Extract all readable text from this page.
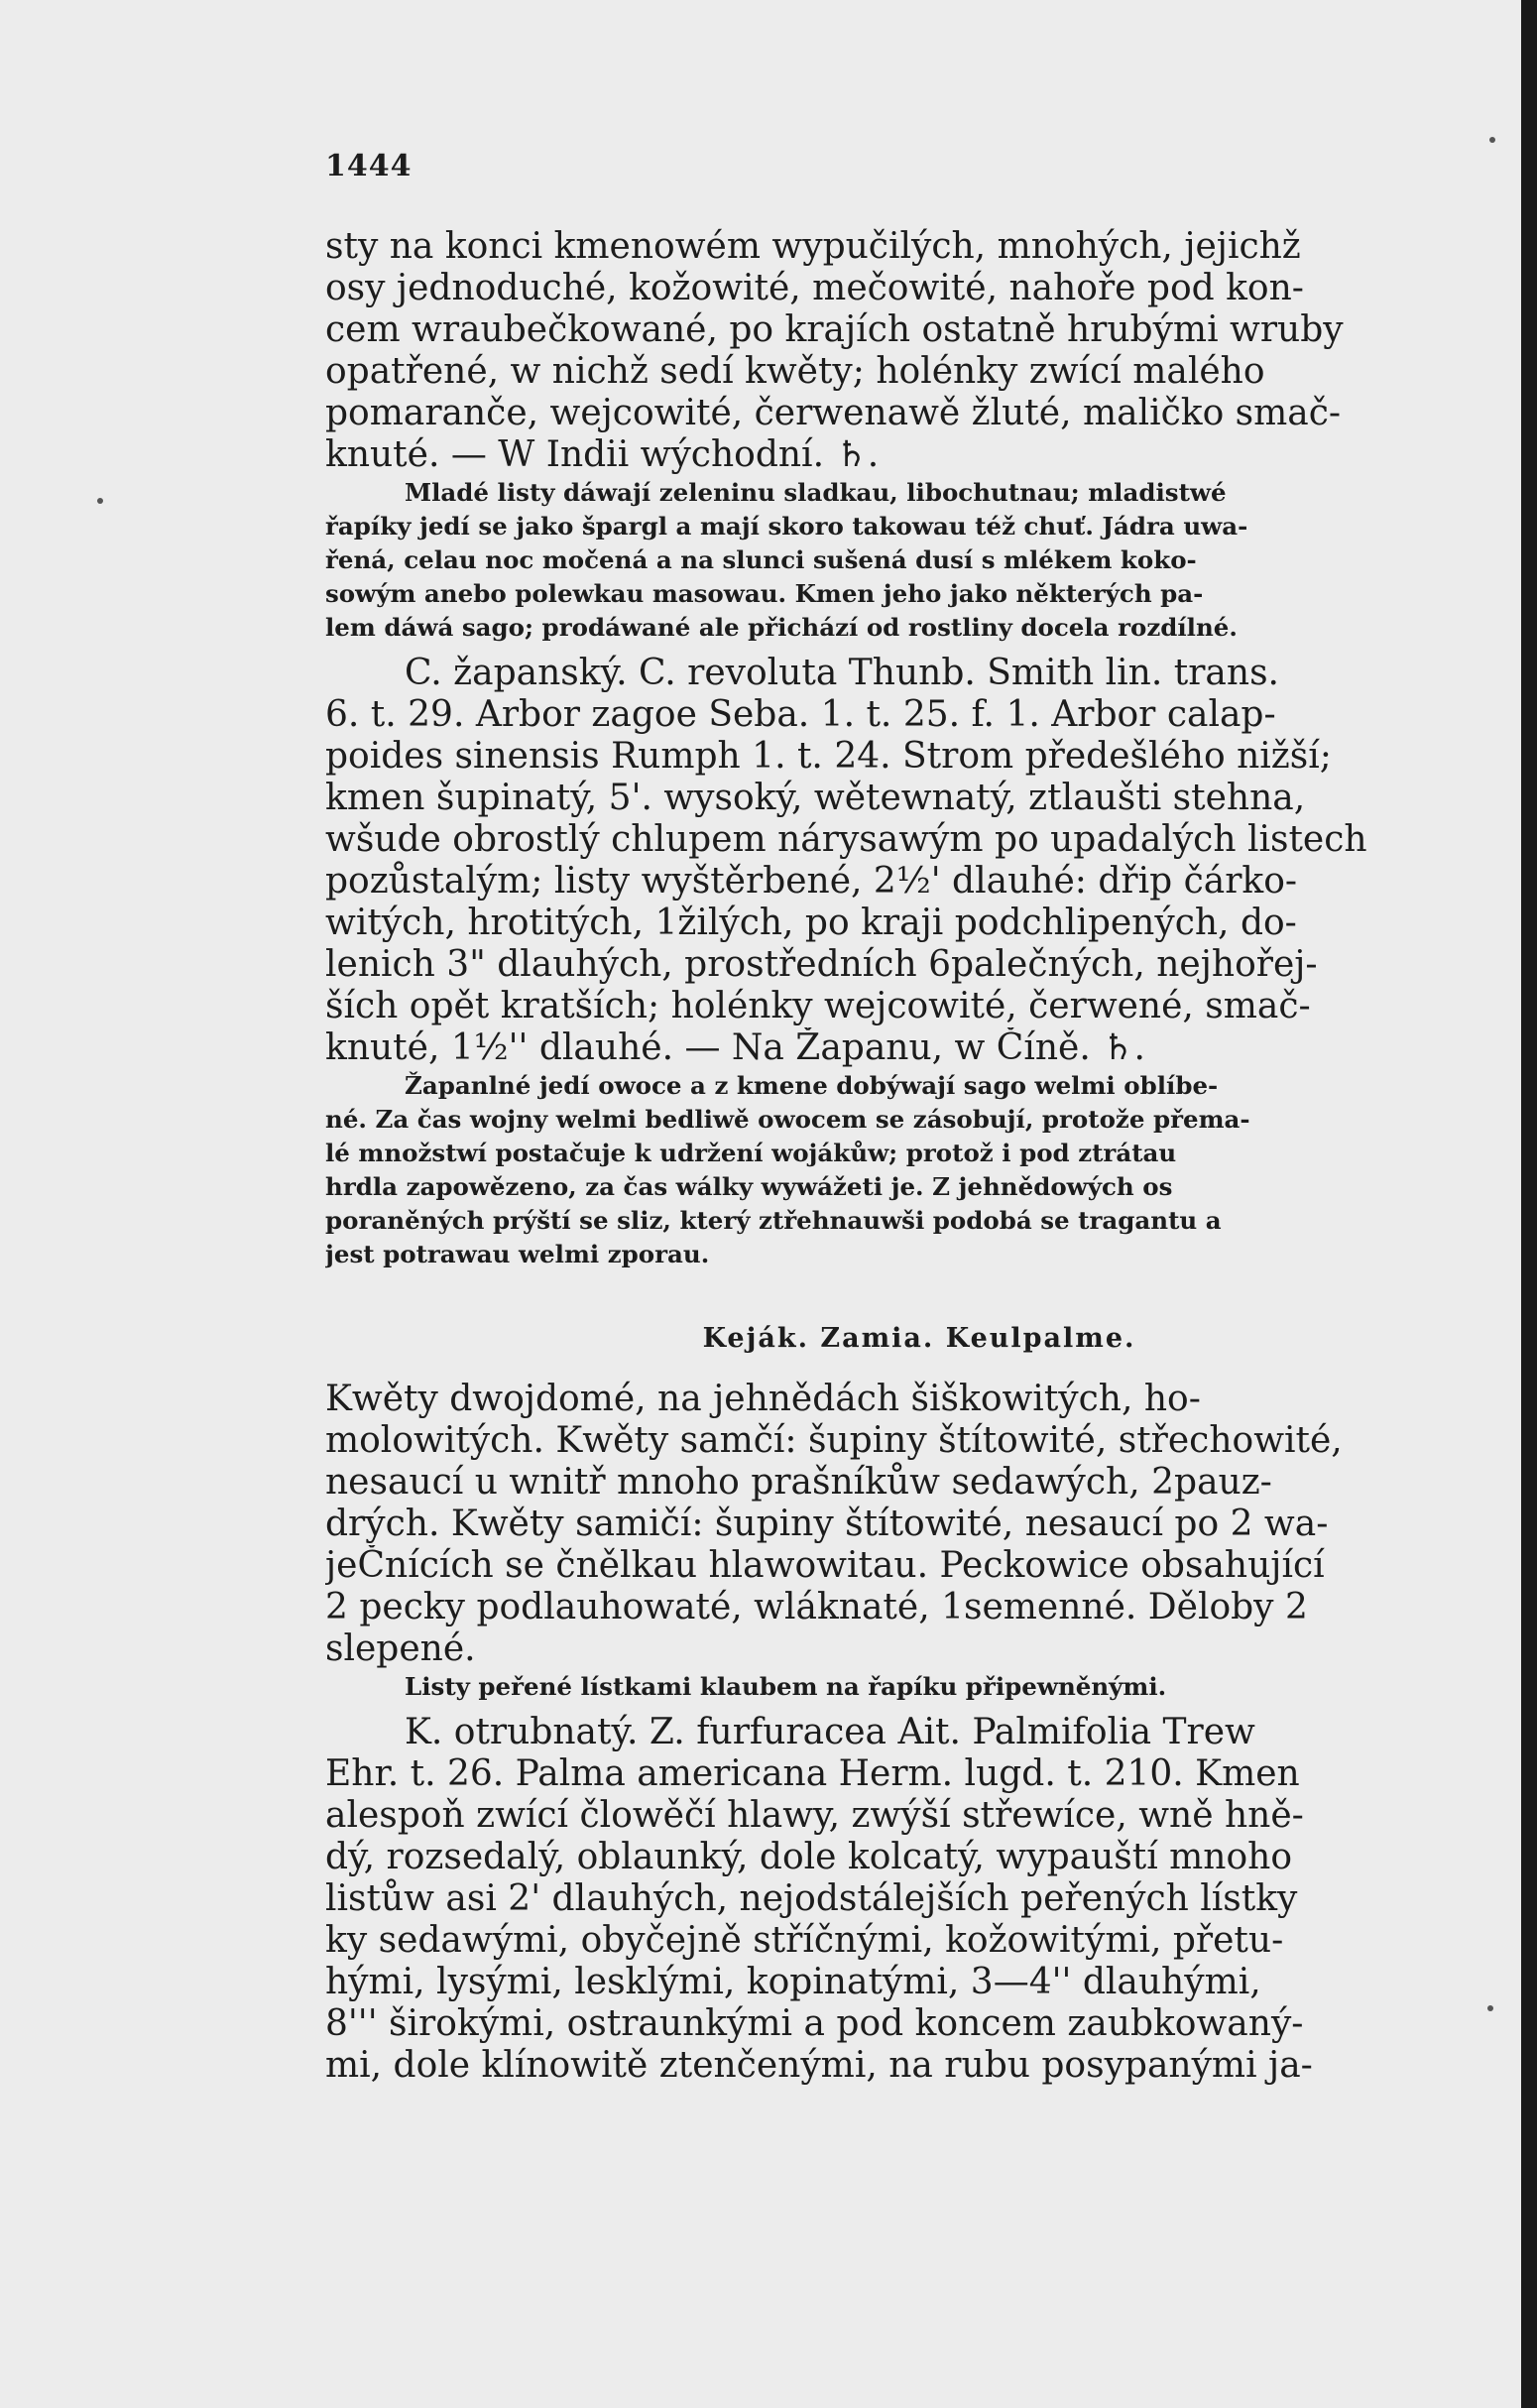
1444
sty na konci kmenowém wypučilých, mnohých, jejichž
osy jednoduché, kožowité, mečowité, nahoře pod kon-
cem wraubečkowané, po krajích ostatně hrubými wruby
opatřené, w nichž sedí kwěty; holénky zwící malého
pomaranče, wejcowité, čerwenawě žluté, maličko smač-
knuté. — W Indii wýchodní. ♄.
Mladé listy dáwají zeleninu sladkau, libochutnau; mladistwé
řapíky jedí se jako špargl a mají skoro takowau též chuť. Jádra uwa-
řená, celau noc močená a na slunci sušená dusí s mlékem koko-
sowým anebo polewkau masowau. Kmen jeho jako některých pa-
lem dáwá sago; prodáwané ale přichází od rostliny docela rozdílné.
C. žapanský. C. revoluta Thunb. Smith lin. trans.
6. t. 29. Arbor zagoe Seba. 1. t. 25. f. 1. Arbor calap-
poides sinensis Rumph 1. t. 24. Strom předešlého nižší;
kmen šupinatý, 5'. wysoký, wětewnatý, ztlaušti stehna,
wšude obrostlý chlupem nárysawým po upadalých listech
pozůstalým; listy wyštěrbené, 2½' dlauhé: dřip čárko-
witých, hrotitých, 1žilých, po kraji podchlipených, do-
lenich 3" dlauhých, prostředních 6palečných, nejhořej-
ších opět kratších; holénky wejcowité, čerwené, smač-
knuté, 1½'' dlauhé. — Na Žapanu, w Číně. ♄.
Žapanlné jedí owoce a z kmene dobýwají sago welmi oblíbe-
né. Za čas wojny welmi bedliwě owocem se zásobují, protože přema-
lé množstwí postačuje k udržení wojákůw; protož i pod ztrátau
hrdla zapowězeno, za čas wálky wywážeti je. Z jehnědowých os
poraněných prýští se sliz, který ztřehnauwši podobá se tragantu a
jest potrawau welmi zporau.
Keják. Zamia. Keulpalme.
Kwěty dwojdomé, na jehnědách šiškowitých, ho-
molowitých. Kwěty samčí: šupiny štítowité, střechowité,
nesaucí u wnitř mnoho prašníkůw sedawých, 2pauz-
drých. Kwěty samičí: šupiny štítowité, nesaucí po 2 wa-
jeČnících se čnělkau hlawowitau. Peckowice obsahující
2 pecky podlauhowaté, wláknaté, 1semenné. Děloby 2
slepené.
Listy peřené lístkami klaubem na řapíku připewněnými.
K. otrubnatý. Z. furfuracea Ait. Palmifolia Trew
Ehr. t. 26. Palma americana Herm. lugd. t. 210. Kmen
alespoň zwící člowěčí hlawy, zwýší střewíce, wně hně-
dý, rozsedalý, oblaunký, dole kolcatý, wypauští mnoho
listůw asi 2' dlauhých, nejodstálejších peřených lístky
ky sedawými, obyčejně stříčnými, kožowitými, přetu-
hými, lysými, lesklými, kopinatými, 3—4'' dlauhými,
8''' širokými, ostraunkými a pod koncem zaubkowaný-
mi, dole klínowitě ztenčenými, na rubu posypanými ja-
